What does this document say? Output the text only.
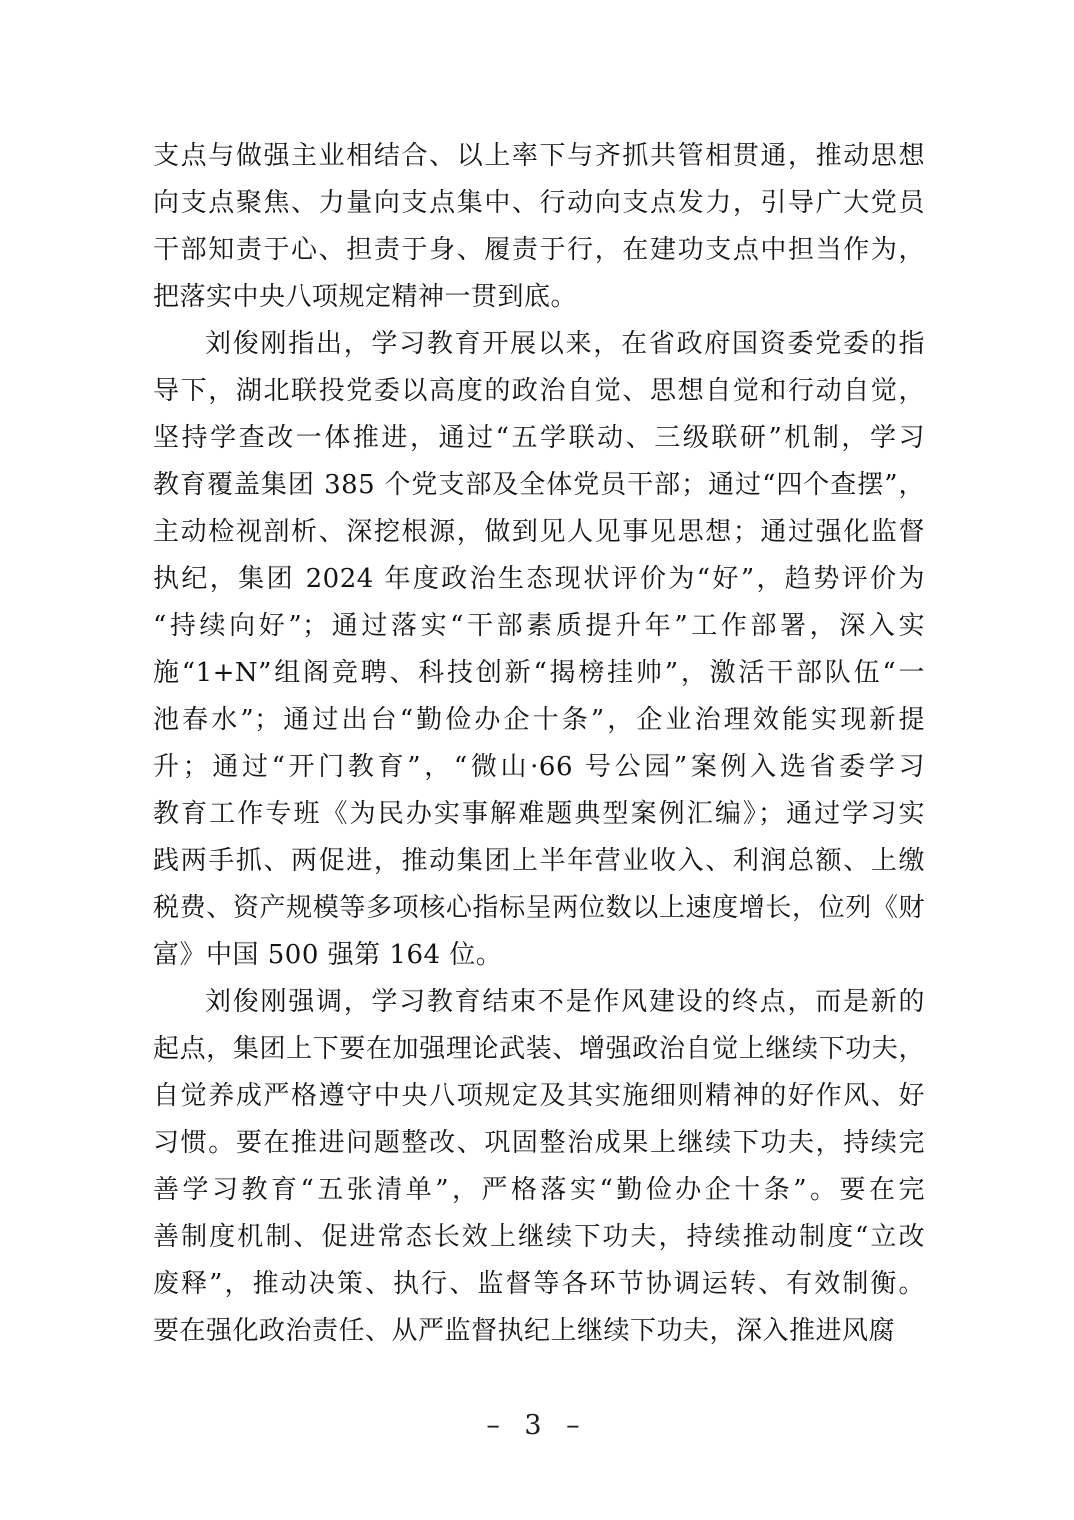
支点与做强主业相结合、以上率下与齐抓共管相贯通，推动思想
向支点聚焦、力量向支点集中、行动向支点发力，引导广大党员
干部知责于心、担责于身、履责于行，在建功支点中担当作为，
把落实中央八项规定精神一贯到底。
刘俊刚指出，学习教育开展以来，在省政府国资委党委的指
导下，湖北联投党委以高度的政治自觉、思想自觉和行动自觉，
坚持学查改一体推进，通过“五学联动、三级联研”机制，学习
教育覆盖集团 385 个党支部及全体党员干部；通过“四个查摆”，
主动检视剖析、深挖根源，做到见人见事见思想；通过强化监督
执纪，集团 2024 年度政治生态现状评价为“好”，趋势评价为
“持续向好”；通过落实“干部素质提升年”工作部署，深入实
施“1+N”组阁竞聘、科技创新“揭榜挂帅”，激活干部队伍“一
池春水”；通过出台“勤俭办企十条”，企业治理效能实现新提
升；通过“开门教育”，“微山·66 号公园”案例入选省委学习
教育工作专班《为民办实事解难题典型案例汇编》；通过学习实
践两手抓、两促进，推动集团上半年营业收入、利润总额、上缴
税费、资产规模等多项核心指标呈两位数以上速度增长，位列《财
富》中国 500 强第 164 位。
刘俊刚强调，学习教育结束不是作风建设的终点，而是新的
起点，集团上下要在加强理论武装、增强政治自觉上继续下功夫，
自觉养成严格遵守中央八项规定及其实施细则精神的好作风、好
习惯。要在推进问题整改、巩固整治成果上继续下功夫，持续完
善学习教育“五张清单”，严格落实“勤俭办企十条”。要在完
善制度机制、促进常态长效上继续下功夫，持续推动制度“立改
废释”，推动决策、执行、监督等各环节协调运转、有效制衡。
要在强化政治责任、从严监督执纪上继续下功夫，深入推进风腐
– 3 –
